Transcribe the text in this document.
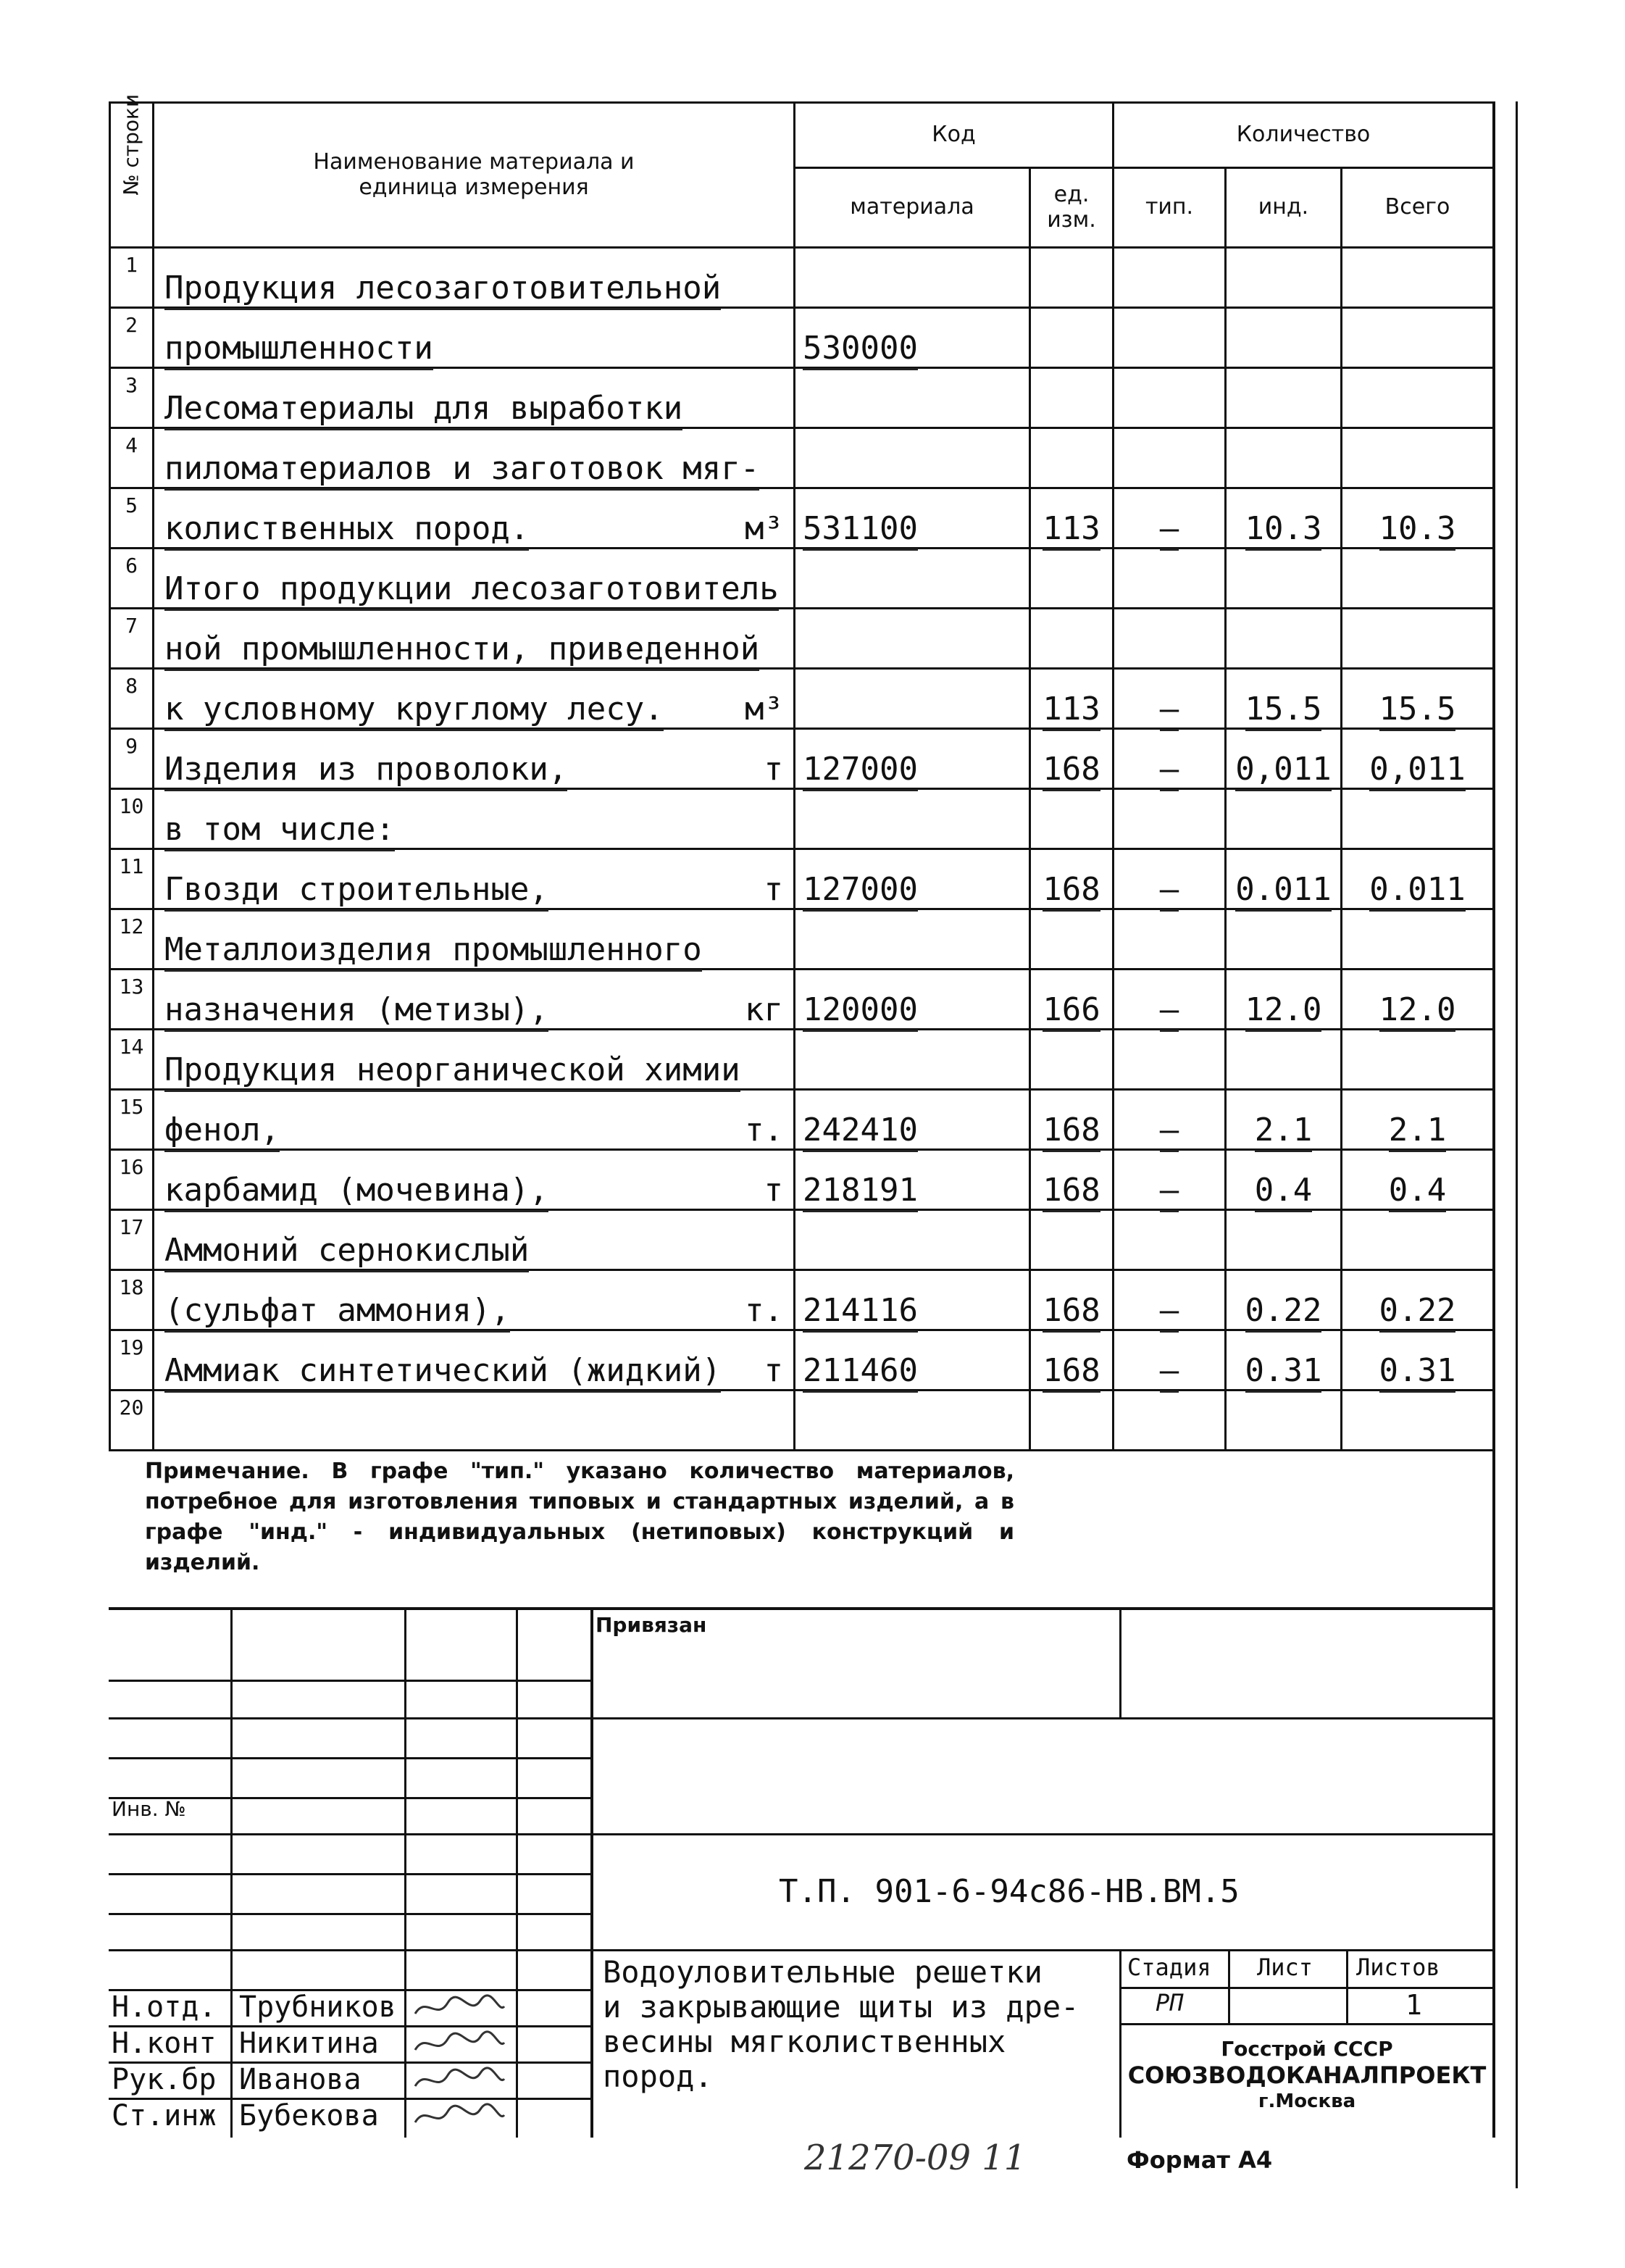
№ строки	Наименование материала и единица измерения	Код		Количество		
		материала	ед. изм.	тип.	инд.	Всего
1	Продукция лесозаготовительной					
2	промышленности	530000				
3	Лесоматериалы для выработки					
4	пиломатериалов и заготовок мяг-					
5	колиственных пород. м³	531100	113	–	10.3	10.3
6	Итого продукции лесозаготовитель					
7	ной промышленности, приведенной					
8	к условному круглому лесу. м³		113	–	15.5	15.5
9	Изделия из проволоки, т	127000	168	–	0,011	0,011
10	в том числе:					
11	Гвозди строительные, т	127000	168	–	0.011	0.011
12	Металлоизделия промышленного					
13	назначения (метизы), кг	120000	166	–	12.0	12.0
14	Продукция неорганической химии					
15	фенол, т.	242410	168	–	2.1	2.1
16	карбамид (мочевина), т	218191	168	–	0.4	0.4
17	Аммоний сернокислый					
18	(сульфат аммония), т.	214116	168	–	0.22	0.22
19	Аммиак синтетический (жидкий) т	211460	168	–	0.31	0.31
20						
Примечание. В графе "тип." указано количество материалов, потребное для изготовления типовых и стандартных изделий, а в графе "инд." - индивидуальных (нетиповых) конструкций и изделий.
Привязан
Инв. №
Т.П. 901-6-94с86-НВ.ВМ.5
Водоуловительные решетки
и закрывающие щиты из дре-
весины мягколиственных
пород.
Стадия Лист Листов
РП	1
Госстрой СССР
СОЮЗВОДОКАНАЛПРОЕКТ
г.Москва
Н.отд. Трубников
Н.конт Никитина
Рук.бр Иванова
Ст.инж Бубекова
21270-09 11	Формат А4
